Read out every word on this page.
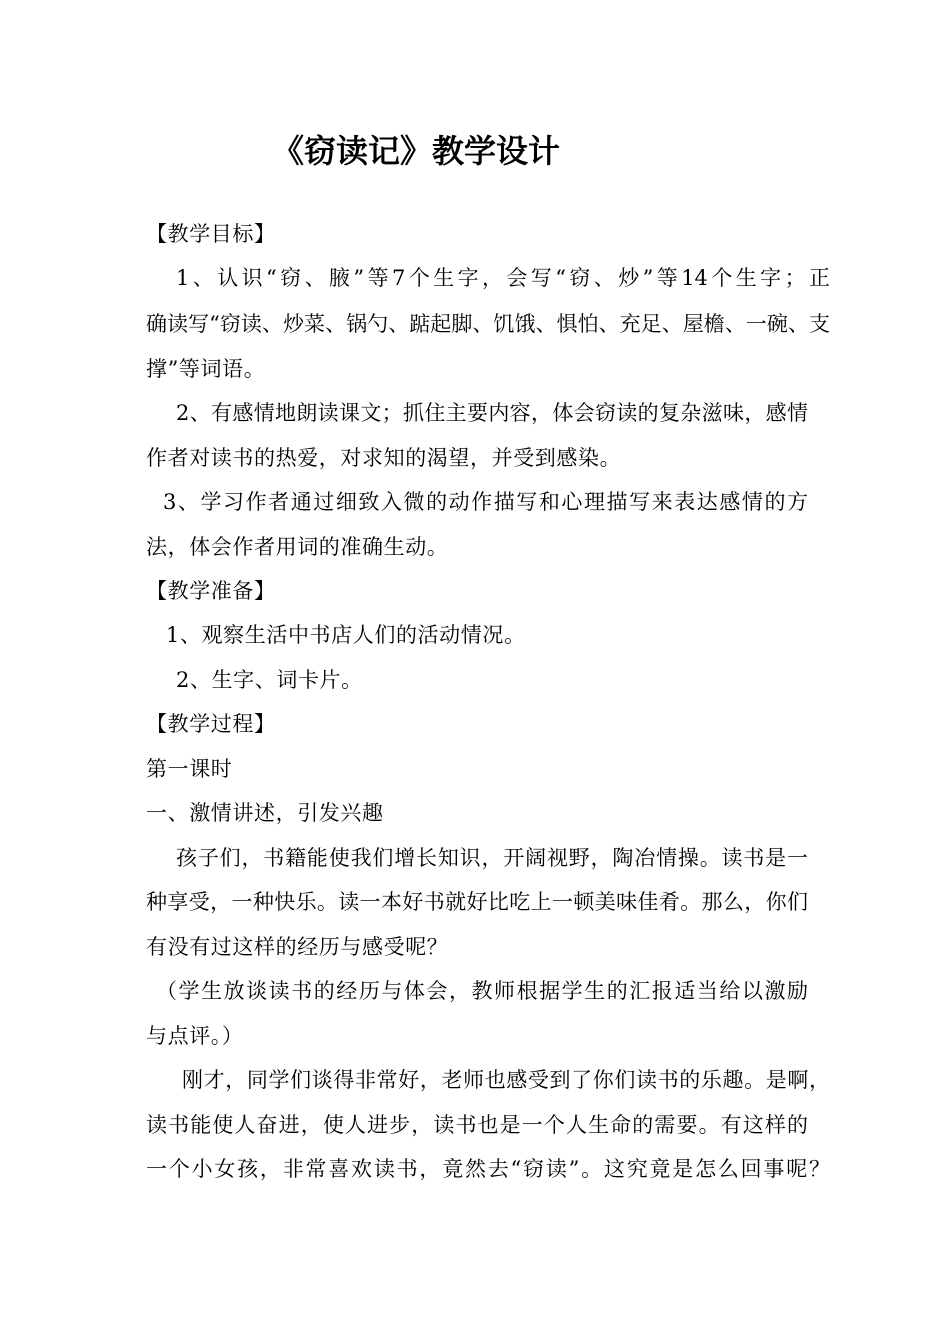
《窃读记》教学设计
【教学目标】
1、认识“窃、腋”等7个生字，会写“窃、炒”等14个生字；正
确读写“窃读、炒菜、锅勺、踮起脚、饥饿、惧怕、充足、屋檐、一碗、支
撑”等词语。
2、有感情地朗读课文；抓住主要内容，体会窃读的复杂滋味，感情
作者对读书的热爱，对求知的渴望，并受到感染。
3、学习作者通过细致入微的动作描写和心理描写来表达感情的方
法，体会作者用词的准确生动。
【教学准备】
1、观察生活中书店人们的活动情况。
2、生字、词卡片。
【教学过程】
第一课时
一、激情讲述，引发兴趣
孩子们，书籍能使我们增长知识，开阔视野，陶冶情操。读书是一
种享受，一种快乐。读一本好书就好比吃上一顿美味佳肴。那么，你们
有没有过这样的经历与感受呢？
（学生放谈读书的经历与体会，教师根据学生的汇报适当给以激励
与点评。）
刚才，同学们谈得非常好，老师也感受到了你们读书的乐趣。是啊，
读书能使人奋进，使人进步，读书也是一个人生命的需要。有这样的
一个小女孩，非常喜欢读书，竟然去“窃读”。这究竟是怎么回事呢？
